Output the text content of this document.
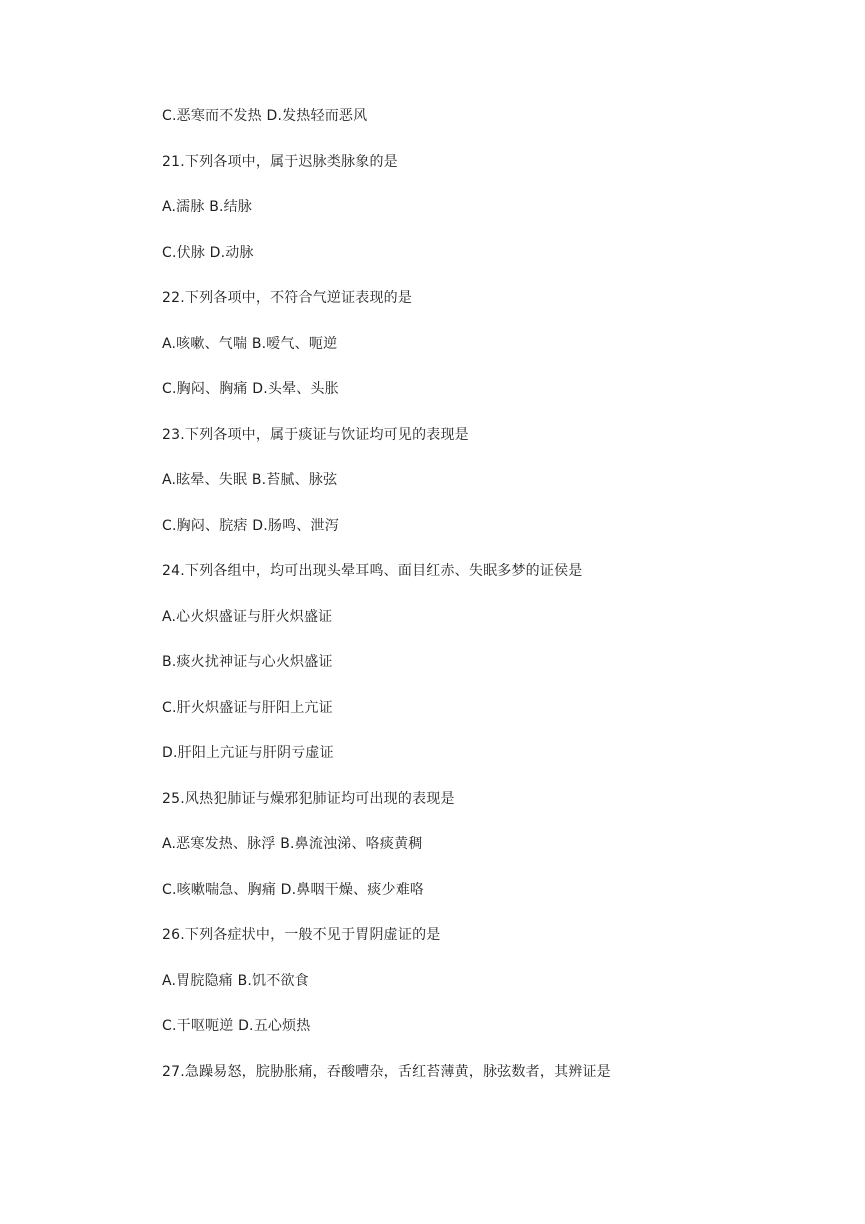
C.恶寒而不发热 D.发热轻而恶风
21.下列各项中，属于迟脉类脉象的是
A.濡脉 B.结脉
C.伏脉 D.动脉
22.下列各项中，不符合气逆证表现的是
A.咳嗽、气喘 B.嗳气、呃逆
C.胸闷、胸痛 D.头晕、头胀
23.下列各项中，属于痰证与饮证均可见的表现是
A.眩晕、失眠 B.苔腻、脉弦
C.胸闷、脘痞 D.肠鸣、泄泻
24.下列各组中，均可出现头晕耳鸣、面目红赤、失眠多梦的证侯是
A.心火炽盛证与肝火炽盛证
B.痰火扰神证与心火炽盛证
C.肝火炽盛证与肝阳上亢证
D.肝阳上亢证与肝阴亏虚证
25.风热犯肺证与燥邪犯肺证均可出现的表现是
A.恶寒发热、脉浮 B.鼻流浊涕、咯痰黄稠
C.咳嗽喘急、胸痛 D.鼻咽干燥、痰少难咯
26.下列各症状中，一般不见于胃阴虚证的是
A.胃脘隐痛 B.饥不欲食
C.干呕呃逆 D.五心烦热
27.急躁易怒，脘胁胀痛，吞酸嘈杂，舌红苔薄黄，脉弦数者，其辨证是
